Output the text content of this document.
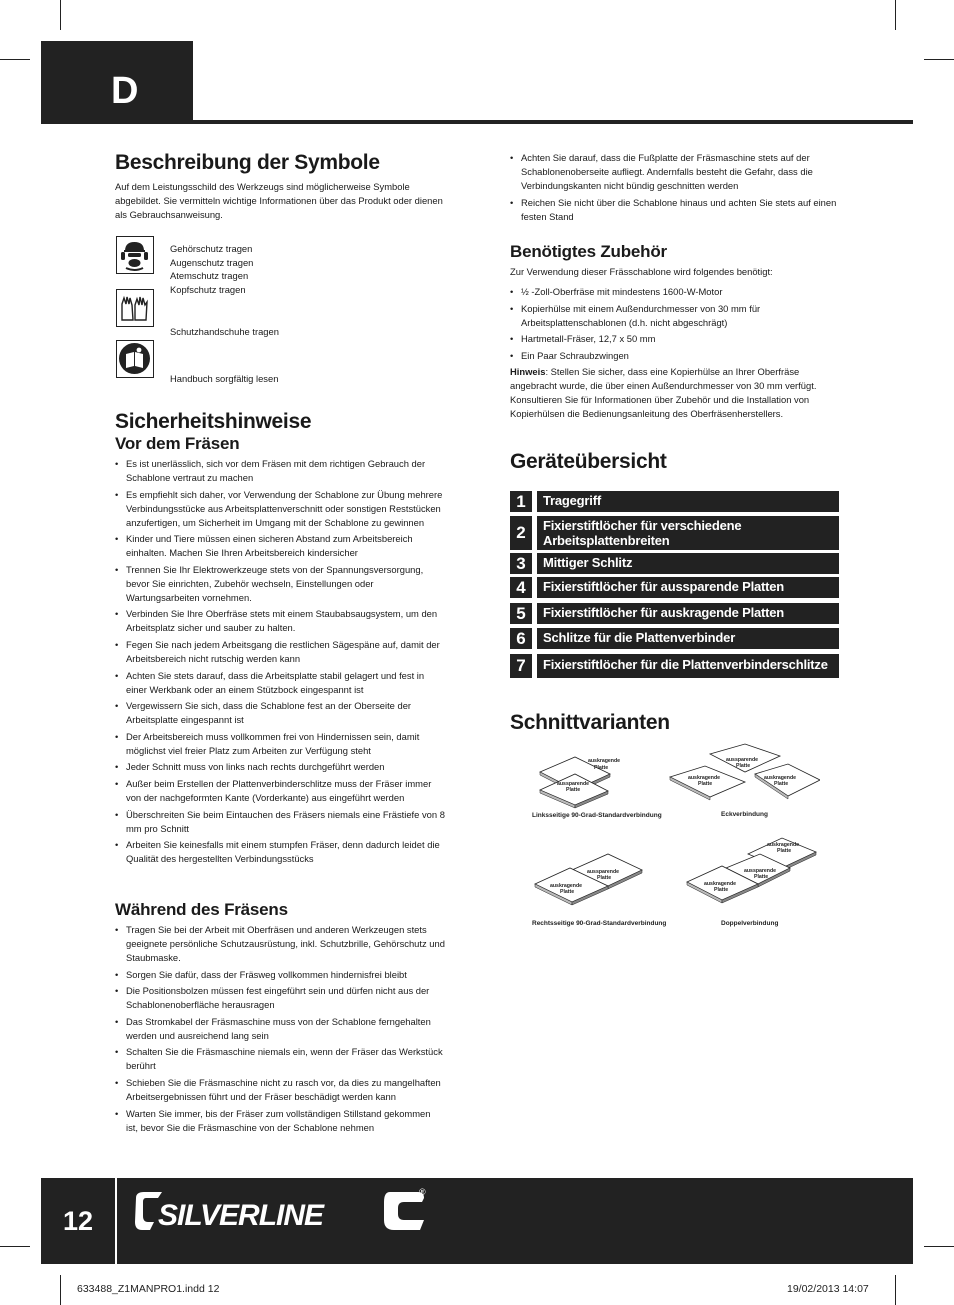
D
Beschreibung der Symbole
Auf dem Leistungsschild des Werkzeugs sind möglicherweise Symbole abgebildet. Sie vermitteln wichtige Informationen über das Produkt oder dienen als Gebrauchsanweisung.
Gehörschutz tragen
Augenschutz tragen
Atemschutz tragen
Kopfschutz tragen
Schutzhandschuhe tragen
Handbuch sorgfältig lesen
Sicherheitshinweise
Vor dem Fräsen
• Es ist unerlässlich, sich vor dem Fräsen mit dem richtigen Gebrauch der Schablone vertraut zu machen
• Es empfiehlt sich daher, vor Verwendung der Schablone zur Übung mehrere Verbindungsstücke aus Arbeitsplattenverschnitt oder sonstigen Reststücken anzufertigen, um Sicherheit im Umgang mit der Schablone zu gewinnen
• Kinder und Tiere müssen einen sicheren Abstand zum Arbeitsbereich einhalten. Machen Sie Ihren Arbeitsbereich kindersicher
• Trennen Sie Ihr Elektrowerkzeuge stets von der Spannungsversorgung, bevor Sie einrichten, Zubehör wechseln, Einstellungen oder Wartungsarbeiten vornehmen.
• Verbinden Sie Ihre Oberfräse stets mit einem Staubabsaugsystem, um den Arbeitsplatz sicher und sauber zu halten.
• Fegen Sie nach jedem Arbeitsgang die restlichen Sägespäne auf, damit der Arbeitsbereich nicht rutschig werden kann
• Achten Sie stets darauf, dass die Arbeitsplatte stabil gelagert und fest in einer Werkbank oder an einem Stützbock eingespannt ist
• Vergewissern Sie sich, dass die Schablone fest an der Oberseite der Arbeitsplatte eingespannt ist
• Der Arbeitsbereich muss vollkommen frei von Hindernissen sein, damit möglichst viel freier Platz zum Arbeiten zur Verfügung steht
• Jeder Schnitt muss von links nach rechts durchgeführt werden
• Außer beim Erstellen der Plattenverbinderschlitze muss der Fräser immer von der nachgeformten Kante (Vorderkante) aus eingeführt werden
• Überschreiten Sie beim Eintauchen des Fräsers niemals eine Frästiefe von 8 mm pro Schnitt
• Arbeiten Sie keinesfalls mit einem stumpfen Fräser, denn dadurch leidet die Qualität des hergestellten Verbindungsstücks
Während des Fräsens
• Tragen Sie bei der Arbeit mit Oberfräsen und anderen Werkzeugen stets geeignete persönliche Schutzausrüstung, inkl. Schutzbrille, Gehörschutz und Staubmaske.
• Sorgen Sie dafür, dass der Fräsweg vollkommen hindernisfrei bleibt
• Die Positionsbolzen müssen fest eingeführt sein und dürfen nicht aus der Schablonenoberfläche herausragen
• Das Stromkabel der Fräsmaschine muss von der Schablone ferngehalten werden und ausreichend lang sein
• Schalten Sie die Fräsmaschine niemals ein, wenn der Fräser das Werkstück berührt
• Schieben Sie die Fräsmaschine nicht zu rasch vor, da dies zu mangelhaften Arbeitsergebnissen führt und der Fräser beschädigt werden kann
• Warten Sie immer, bis der Fräser zum vollständigen Stillstand gekommen ist, bevor Sie die Fräsmaschine von der Schablone nehmen
• Achten Sie darauf, dass die Fußplatte der Fräsmaschine stets auf der Schablonenoberseite aufliegt. Andernfalls besteht die Gefahr, dass die Verbindungskanten nicht bündig geschnitten werden
• Reichen Sie nicht über die Schablone hinaus und achten Sie stets auf einen festen Stand
Benötigtes Zubehör
Zur Verwendung dieser Frässchablone wird folgendes benötigt:
• ½ -Zoll-Oberfräse mit mindestens 1600-W-Motor
• Kopierhülse mit einem Außendurchmesser von 30 mm für Arbeitsplattenschablonen (d.h. nicht abgeschrägt)
• Hartmetall-Fräser, 12,7 x 50 mm
• Ein Paar Schraubzwingen
Hinweis: Stellen Sie sicher, dass eine Kopierhülse an Ihrer Oberfräse angebracht wurde, die über einen Außendurchmesser von 30 mm verfügt. Konsultieren Sie für Informationen über Zubehör und die Installation von Kopierhülsen die Bedienungsanleitung des Oberfräsenherstellers.
Geräteübersicht
1	Tragegriff
2	Fixierstiftlöcher für verschiedene Arbeitsplattenbreiten
3	Mittiger Schlitz
4	Fixierstiftlöcher für aussparende Platten
5	Fixierstiftlöcher für auskragende Platten
6	Schlitze für die Plattenverbinder
7	Fixierstiftlöcher für die Plattenverbinderschlitze
Schnittvarianten
auskragende
Platte
aussparende
Platte
aussparende
Platte
auskragende
Platte
auskragende
Platte
aussparende
Platte
auskragende
Platte
auskragende
Platte
aussparende
Platte
auskragende
Platte
Linksseitige 90-Grad-Standardverbindung	Eckverbindung
Rechtsseitige 90-Grad-Standardverbindung	Doppelverbindung
12	SILVERLINE
®
633488_Z1MANPRO1.indd 12	19/02/2013 14:07
